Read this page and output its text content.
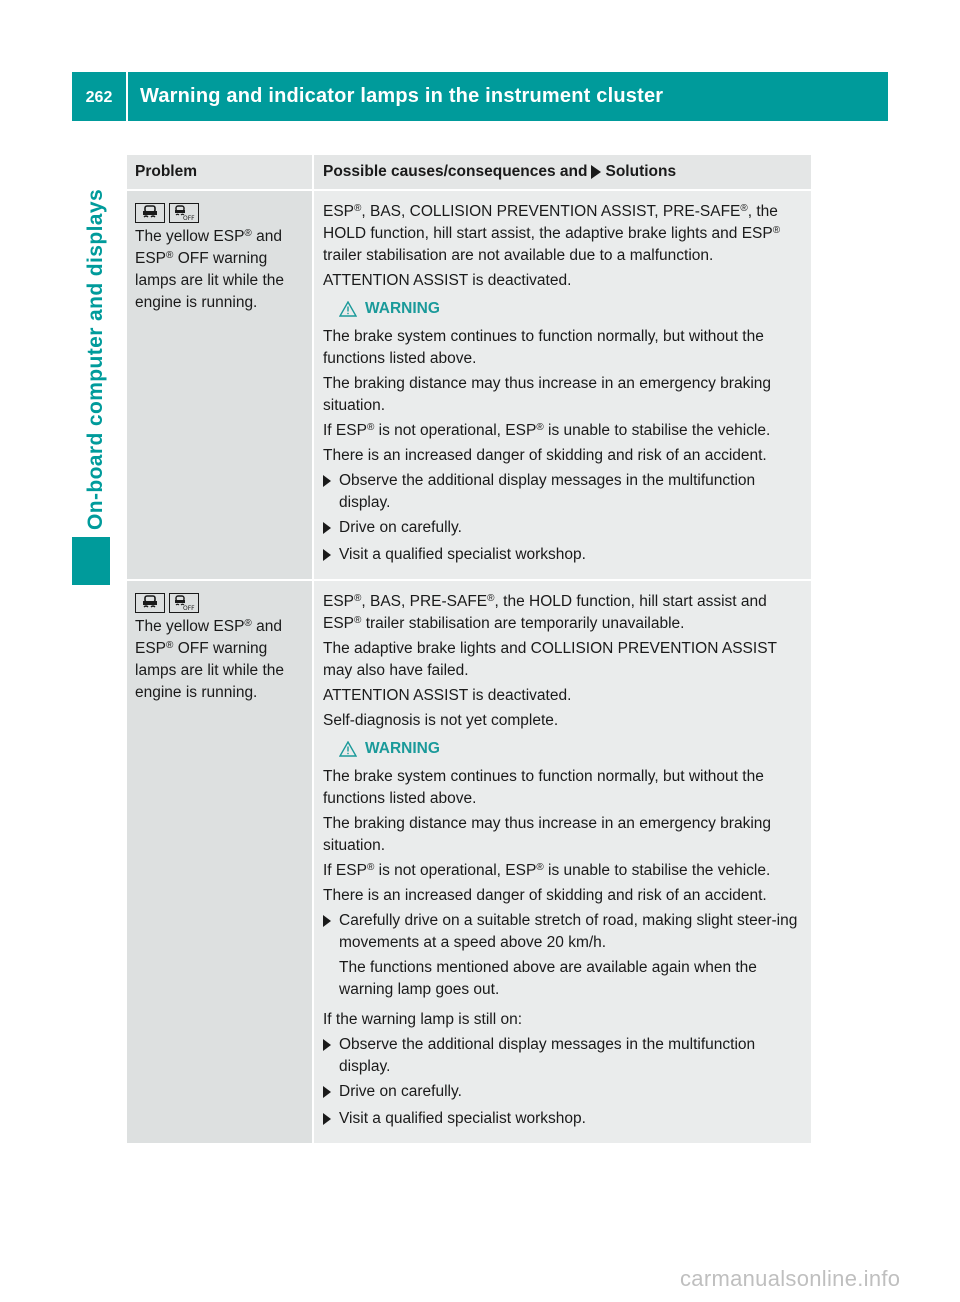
262	Warning and indicator lamps in the instrument cluster
On-board computer and displays
Problem	Possible causes/consequences and Solutions
OFF
The yellow ESP® and
ESP® OFF warning
lamps are lit while the
engine is running.

ESP®, BAS, COLLISION PREVENTION ASSIST, PRE-SAFE®, the HOLD function, hill start assist, the adaptive brake lights and ESP® trailer stabilisation are not available due to a malfunction.

ATTENTION ASSIST is deactivated.

WARNING

The brake system continues to function normally, but without the functions listed above.

The braking distance may thus increase in an emergency braking situation.

If ESP® is not operational, ESP® is unable to stabilise the vehicle.

There is an increased danger of skidding and risk of an accident.

Observe the additional display messages in the multifunction display.
Drive on carefully.
Visit a qualified specialist workshop.
OFF
The yellow ESP® and
ESP® OFF warning
lamps are lit while the
engine is running.

ESP®, BAS, PRE-SAFE®, the HOLD function, hill start assist and ESP® trailer stabilisation are temporarily unavailable.

The adaptive brake lights and COLLISION PREVENTION ASSIST may also have failed.

ATTENTION ASSIST is deactivated.

Self-diagnosis is not yet complete.

WARNING

The brake system continues to function normally, but without the functions listed above.

The braking distance may thus increase in an emergency braking situation.

If ESP® is not operational, ESP® is unable to stabilise the vehicle.

There is an increased danger of skidding and risk of an accident.

Carefully drive on a suitable stretch of road, making slight steer-ing movements at a speed above 20 km/h.
The functions mentioned above are available again when the warning lamp goes out.

If the warning lamp is still on:

Observe the additional display messages in the multifunction display.
Drive on carefully.
Visit a qualified specialist workshop.
carmanualsonline.info
